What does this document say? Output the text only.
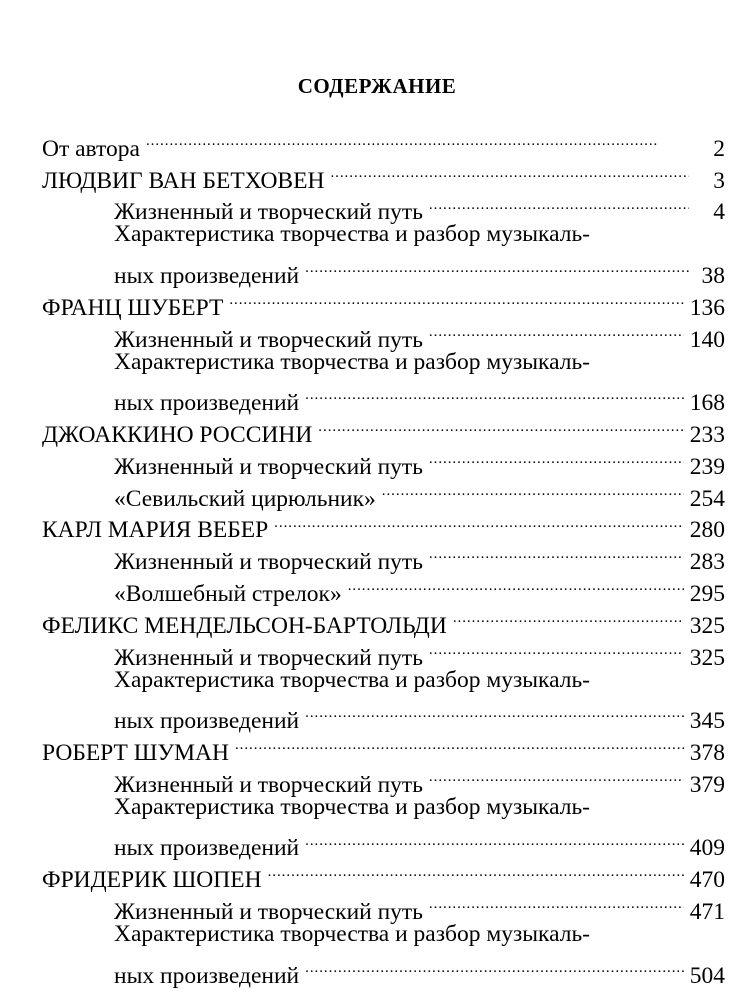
СОДЕРЖАНИЕ
От автора . . .	2
ЛЮДВИГ ВАН БЕТХОВЕН . . .	3
Жизненный и творческий путь . . .	4
Характеристика творчества и разбор музыкаль-
ных произведений . . .	38
ФРАНЦ ШУБЕРТ . . .	136
Жизненный и творческий путь . . .	140
Характеристика творчества и разбор музыкаль-
ных произведений . . .	168
ДЖОАККИНО РОССИНИ . . .	233
Жизненный и творческий путь . . .	239
«Севильский цирюльник» . . .	254
КАРЛ МАРИЯ ВЕБЕР . . .	280
Жизненный и творческий путь . . .	283
«Волшебный стрелок» . . .	295
ФЕЛИКС МЕНДЕЛЬСОН-БАРТОЛЬДИ . . .	325
Жизненный и творческий путь . . .	325
Характеристика творчества и разбор музыкаль-
ных произведений . . .	345
РОБЕРТ ШУМАН . . .	378
Жизненный и творческий путь . . .	379
Характеристика творчества и разбор музыкаль-
ных произведений . . .	409
ФРИДЕРИК ШОПЕН . . .	470
Жизненный и творческий путь . . .	471
Характеристика творчества и разбор музыкаль-
ных произведений . . .	504
